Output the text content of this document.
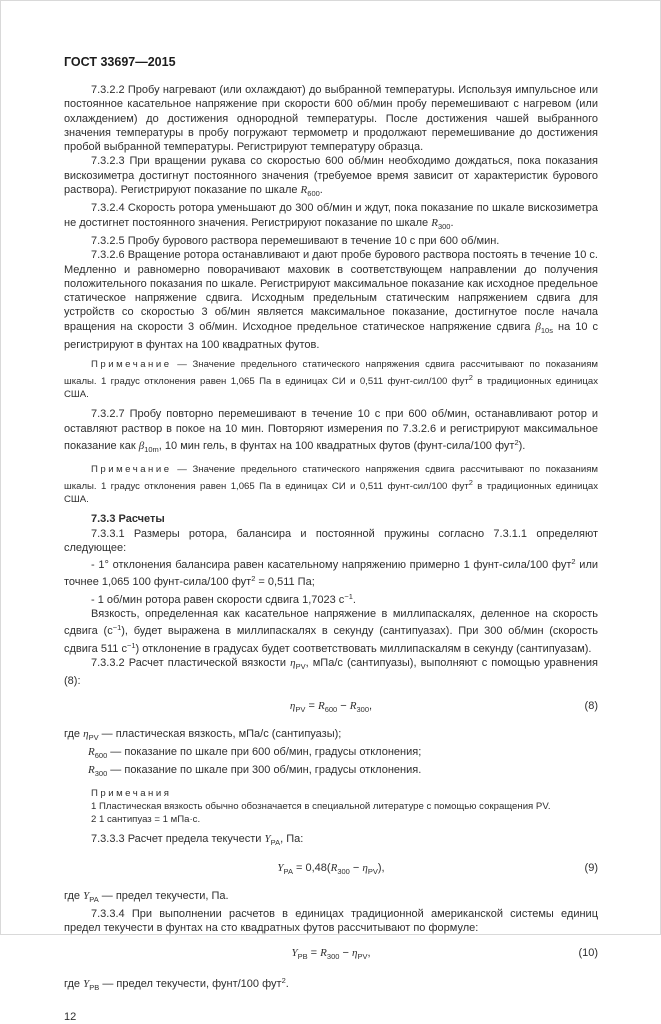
ГОСТ 33697—2015

7.3.2.2 Пробу нагревают (или охлаждают) до выбранной температуры. Используя импульсное или постоянное касательное напряжение при скорости 600 об/мин пробу перемешивают с нагревом (или охлаждением) до достижения однородной температуры. После достижения чашей выбранного значения температуры в пробу погружают термометр и продолжают перемешивание до достижения пробой выбранной температуры. Регистрируют температуру образца.

7.3.2.3 При вращении рукава со скоростью 600 об/мин необходимо дождаться, пока показания вискозиметра достигнут постоянного значения (требуемое время зависит от характеристик бурового раствора). Регистрируют показание по шкале $R_{600}$.

7.3.2.4 Скорость ротора уменьшают до 300 об/мин и ждут, пока показание по шкале вискозиметра не достигнет постоянного значения. Регистрируют показание по шкале $R_{300}$.

7.3.2.5 Пробу бурового раствора перемешивают в течение 10 с при 600 об/мин.

7.3.2.6 Вращение ротора останавливают и дают пробе бурового раствора постоять в течение 10 с. Медленно и равномерно поворачивают маховик в соответствующем направлении до получения положительного показания по шкале. Регистрируют максимальное показание как исходное предельное статическое напряжение сдвига. Исходным предельным статическим напряжением сдвига для устройств со скоростью 3 об/мин является максимальное показание, достигнутое после начала вращения на скорости 3 об/мин. Исходное предельное статическое напряжение сдвига $\beta_{10s}$ на 10 с регистрируют в фунтах на 100 квадратных футов.

Примечание — Значение предельного статического напряжения сдвига рассчитывают по показаниям шкалы. 1 градус отклонения равен 1,065 Па в единицах СИ и 0,511 фунт-сил/100 фут$^2$ в традиционных единицах США.

7.3.2.7 Пробу повторно перемешивают в течение 10 с при 600 об/мин, останавливают ротор и оставляют раствор в покое на 10 мин. Повторяют измерения по 7.3.2.6 и регистрируют максимальное показание как $\beta_{10m}$, 10 мин гель, в фунтах на 100 квадратных футов (фунт-сила/100 фут$^2$).

Примечание — Значение предельного статического напряжения сдвига рассчитывают по показаниям шкалы. 1 градус отклонения равен 1,065 Па в единицах СИ и 0,511 фунт-сил/100 фут$^2$ в традиционных единицах США.

7.3.3 Расчеты

7.3.3.1 Размеры ротора, балансира и постоянной пружины согласно 7.3.1.1 определяют следующее:

- 1° отклонения балансира равен касательному напряжению примерно 1 фунт-сила/100 фут$^2$ или точнее 1,065 100 фунт-сила/100 фут$^2$ = 0,511 Па;

- 1 об/мин ротора равен скорости сдвига 1,7023 $с^{-1}$.

Вязкость, определенная как касательное напряжение в миллипаскалях, деленное на скорость сдвига $(с^{-1})$, будет выражена в миллипаскалях в секунду (сантипуазах). При 300 об/мин (скорость сдвига 511 $с^{-1}$) отклонение в градусах будет соответствовать миллипаскалям в секунду (сантипуазам).

7.3.3.2 Расчет пластической вязкости $\eta_{PV}$, мПа/с (сантипуазы), выполняют с помощью уравнения (8):

$\eta_{PV} = R_{600} - R_{300}$,	(8)

где $\eta_{PV}$ — пластическая вязкость, мПа/с (сантипуазы);

$R_{600}$ — показание по шкале при 600 об/мин, градусы отклонения;

$R_{300}$ — показание по шкале при 300 об/мин, градусы отклонения.

Примечания

1 Пластическая вязкость обычно обозначается в специальной литературе с помощью сокращения PV.

2 1 сантипуаз = 1 мПа·с.

7.3.3.3 Расчет предела текучести $Y_{PA}$, Па:

$Y_{PA} = 0,48(R_{300} - \eta_{PV})$,	(9)

где $Y_{PA}$ — предел текучести, Па.

7.3.3.4 При выполнении расчетов в единицах традиционной американской системы единиц предел текучести в фунтах на сто квадратных футов рассчитывают по формуле:

$Y_{PB} = R_{300} - \eta_{PV}$,	(10)

где $Y_{PB}$ — предел текучести, фунт/100 фут$^2$.

12
